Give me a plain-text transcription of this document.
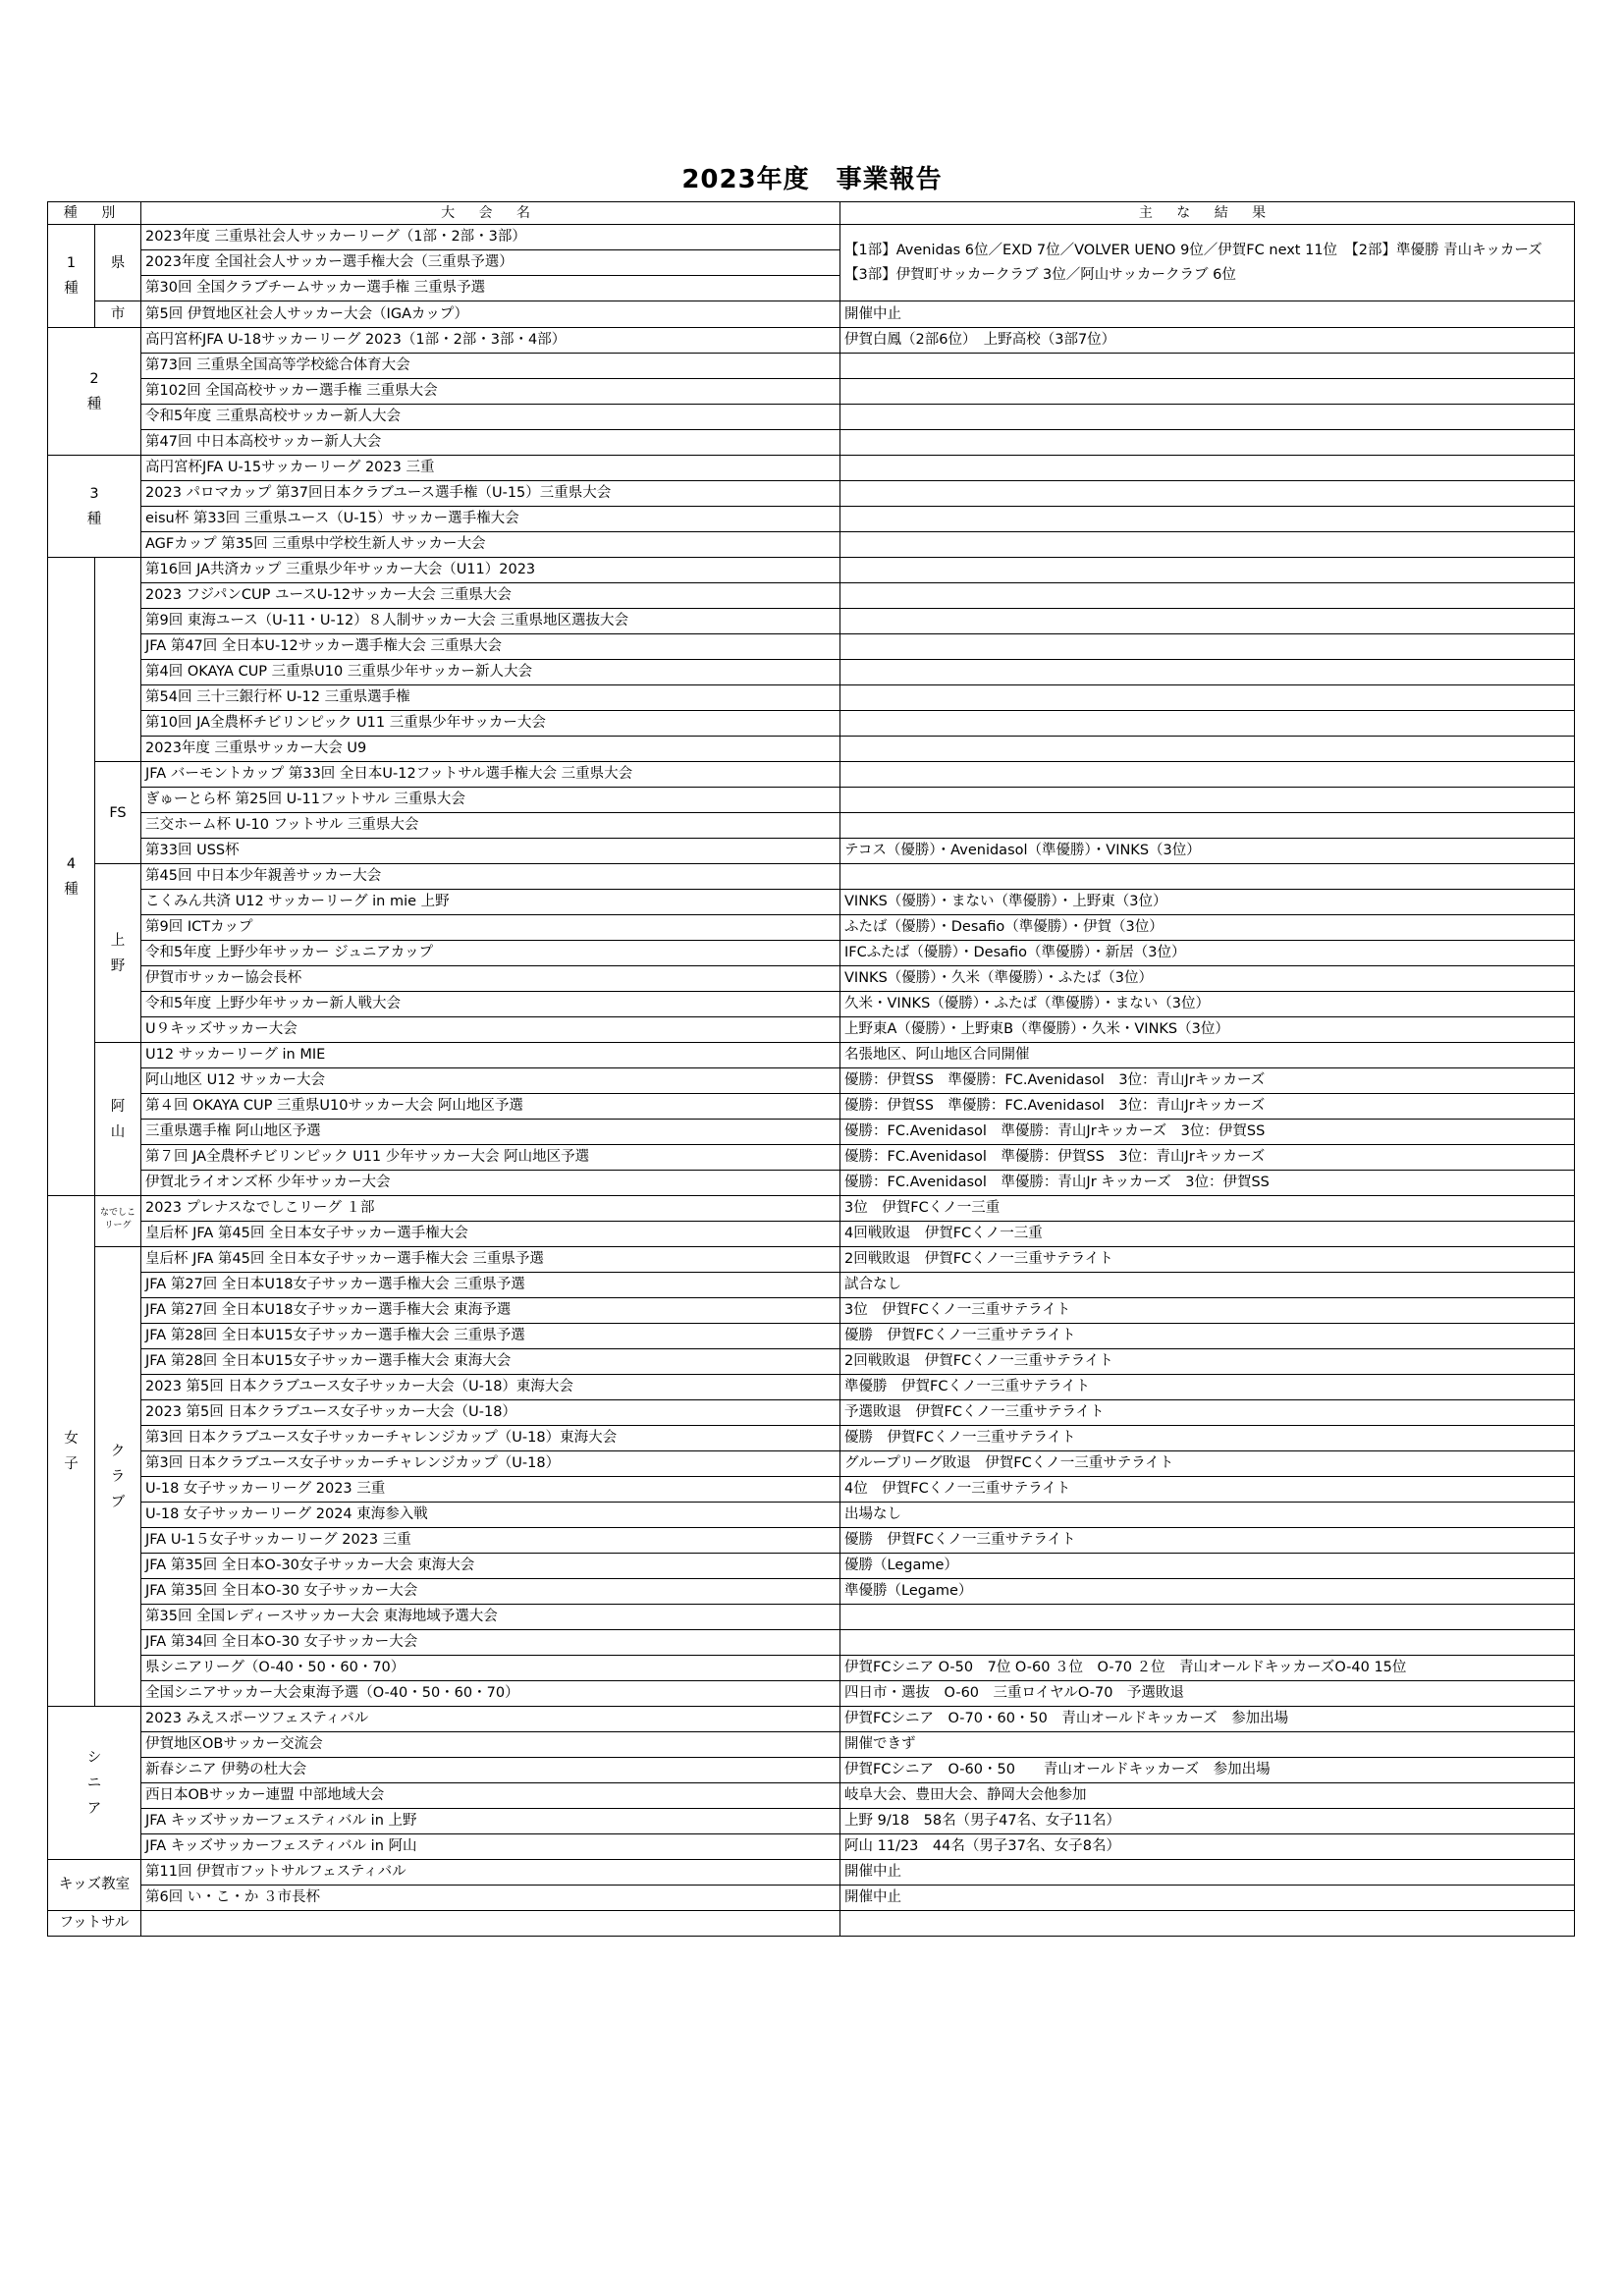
2023年度　事業報告
種 別		大 会 名	主 な 結 果
1種	県	2023年度 三重県社会人サッカーリーグ（1部・2部・3部）	【1部】Avenidas 6位／EXD 7位／VOLVER UENO 9位／伊賀FC next 11位　【2部】準優勝 青山キッカーズ　【3部】伊賀町サッカークラブ 3位／阿山サッカークラブ 6位
		2023年度 全国社会人サッカー選手権大会（三重県予選）	
		第30回 全国クラブチームサッカー選手権 三重県予選	
	市	第5回 伊賀地区社会人サッカー大会（IGAカップ）	開催中止
2種		高円宮杯JFA U-18サッカーリーグ 2023（1部・2部・3部・4部）	伊賀白鳳（2部6位）　上野高校（3部7位）
		第73回 三重県全国高等学校総合体育大会	
		第102回 全国高校サッカー選手権 三重県大会	
		令和5年度 三重県高校サッカー新人大会	
		第47回 中日本高校サッカー新人大会	
3種		高円宮杯JFA U-15サッカーリーグ 2023 三重	
		2023 パロマカップ 第37回日本クラブユース選手権（U-15）三重県大会	
		eisu杯 第33回 三重県ユース（U-15）サッカー選手権大会	
		AGFカップ 第35回 三重県中学校生新人サッカー大会	
4種		第16回 JA共済カップ 三重県少年サッカー大会（U11）2023	
		2023 フジパンCUP ユースU-12サッカー大会 三重県大会	
		第9回 東海ユース（U-11・U-12）８人制サッカー大会 三重県地区選抜大会	
		JFA 第47回 全日本U-12サッカー選手権大会 三重県大会	
		第4回 OKAYA CUP 三重県U10 三重県少年サッカー新人大会	
		第54回 三十三銀行杯 U-12 三重県選手権	
		第10回 JA全農杯チビリンピック U11 三重県少年サッカー大会	
		2023年度 三重県サッカー大会 U9	
	FS	JFA バーモントカップ 第33回 全日本U-12フットサル選手権大会 三重県大会	
		ぎゅーとら杯 第25回 U-11フットサル 三重県大会	
		三交ホーム杯 U-10 フットサル 三重県大会	
		第33回 USS杯	テコス（優勝）・Avenidasol（準優勝）・VINKS（3位）
	上野	第45回 中日本少年親善サッカー大会	
		こくみん共済 U12 サッカーリーグ in mie 上野	VINKS（優勝）・まない（準優勝）・上野東（3位）
		第9回 ICTカップ	ふたば（優勝）・Desafio（準優勝）・伊賀（3位）
		令和5年度 上野少年サッカー ジュニアカップ	IFCふたば（優勝）・Desafio（準優勝）・新居（3位）
		伊賀市サッカー協会長杯	VINKS（優勝）・久米（準優勝）・ふたば（3位）
		令和5年度 上野少年サッカー新人戦大会	久米・VINKS（優勝）・ふたば（準優勝）・まない（3位）
		U９キッズサッカー大会	上野東A（優勝）・上野東B（準優勝）・久米・VINKS（3位）
	阿山	U12 サッカーリーグ in MIE	名張地区、阿山地区合同開催
		阿山地区 U12 サッカー大会	優勝：伊賀SS　準優勝：FC.Avenidasol　3位：青山Jrキッカーズ
		第４回 OKAYA CUP 三重県U10サッカー大会 阿山地区予選	優勝：伊賀SS　準優勝：FC.Avenidasol　3位：青山Jrキッカーズ
		三重県選手権 阿山地区予選	優勝：FC.Avenidasol　準優勝：青山Jrキッカーズ　3位：伊賀SS
		第７回 JA全農杯チビリンピック U11 少年サッカー大会 阿山地区予選	優勝：FC.Avenidasol　準優勝：伊賀SS　3位：青山Jrキッカーズ
		伊賀北ライオンズ杯 少年サッカー大会	優勝：FC.Avenidasol　準優勝：青山Jr キッカーズ　3位：伊賀SS
女子	なでしこリーグ	2023 プレナスなでしこリーグ １部	3位　伊賀FCくノ一三重
		皇后杯 JFA 第45回 全日本女子サッカー選手権大会	4回戦敗退　伊賀FCくノ一三重
	クラブ	皇后杯 JFA 第45回 全日本女子サッカー選手権大会 三重県予選	2回戦敗退　伊賀FCくノ一三重サテライト
		JFA 第27回 全日本U18女子サッカー選手権大会 三重県予選	試合なし
		JFA 第27回 全日本U18女子サッカー選手権大会 東海予選	3位　伊賀FCくノ一三重サテライト
		JFA 第28回 全日本U15女子サッカー選手権大会 三重県予選	優勝　伊賀FCくノ一三重サテライト
		JFA 第28回 全日本U15女子サッカー選手権大会 東海大会	2回戦敗退　伊賀FCくノ一三重サテライト
		2023 第5回 日本クラブユース女子サッカー大会（U-18）東海大会	準優勝　伊賀FCくノ一三重サテライト
		2023 第5回 日本クラブユース女子サッカー大会（U-18）	予選敗退　伊賀FCくノ一三重サテライト
		第3回 日本クラブユース女子サッカーチャレンジカップ（U-18）東海大会	優勝　伊賀FCくノ一三重サテライト
		第3回 日本クラブユース女子サッカーチャレンジカップ（U-18）	グループリーグ敗退　伊賀FCくノ一三重サテライト
		U-18 女子サッカーリーグ 2023 三重	4位　伊賀FCくノ一三重サテライト
		U-18 女子サッカーリーグ 2024 東海参入戦	出場なし
		JFA U-1５女子サッカーリーグ 2023 三重	優勝　伊賀FCくノ一三重サテライト
		JFA 第35回 全日本O-30女子サッカー大会 東海大会	優勝（Legame）
		JFA 第35回 全日本O-30 女子サッカー大会	準優勝（Legame）
		第35回 全国レディースサッカー大会 東海地域予選大会	
		JFA 第34回 全日本O-30 女子サッカー大会	
		県シニアリーグ（O-40・50・60・70）	伊賀FCシニア O-50　7位 O-60 ３位　O-70 ２位　青山オールドキッカーズO-40 15位
		全国シニアサッカー大会東海予選（O-40・50・60・70）	四日市・選抜　O-60　三重ロイヤルO-70　予選敗退
シニア		2023 みえスポーツフェスティバル	伊賀FCシニア　O-70・60・50　青山オールドキッカーズ　参加出場
		伊賀地区OBサッカー交流会	開催できず
		新春シニア 伊勢の杜大会	伊賀FCシニア　O-60・50　　青山オールドキッカーズ　参加出場
		西日本OBサッカー連盟 中部地域大会	岐阜大会、豊田大会、静岡大会他参加
		JFA キッズサッカーフェスティバル in 上野	上野 9/18　58名（男子47名、女子11名）
		JFA キッズサッカーフェスティバル in 阿山	阿山 11/23　44名（男子37名、女子8名）

キッズ教室		第11回 伊賀市フットサルフェスティバル	開催中止
		第6回 い・こ・か ３市長杯	開催中止

フットサル			
